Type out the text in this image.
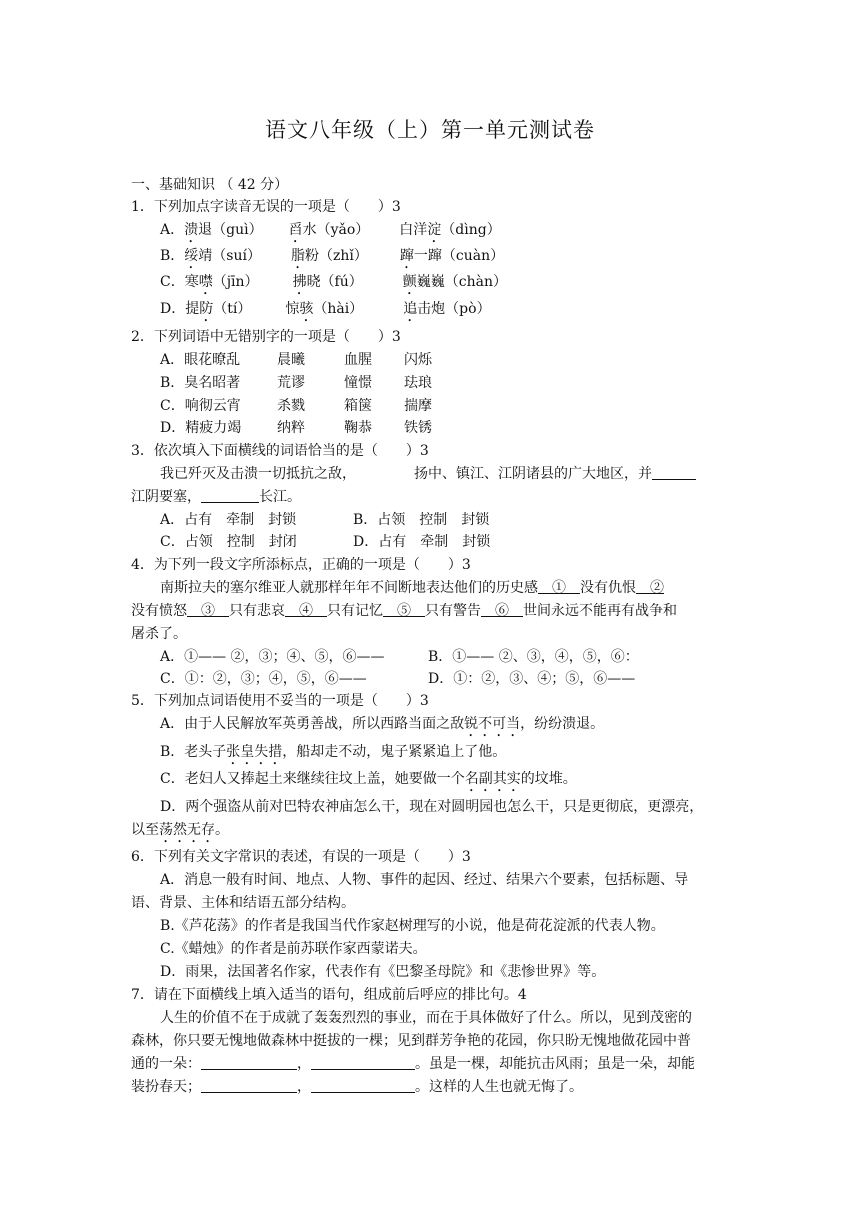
语文八年级（上）第一单元测试卷
一、基础知识 （ 42 分）
1．下列加点字读音无误的一项是（　　）3
A．溃退（guì） 舀水（yǎo） 白洋淀（dìng）
B．绥靖（suí） 脂粉（zhǐ） 蹿一蹿（cuàn）
C．寒噤（jīn） 拂晓（fú）	颤巍巍（chàn）
D．提防（tí） 惊骇（hài）	追击炮（pò）
2．下列词语中无错别字的一项是（　　）3
A．眼花暸乱	晨曦	血腥 闪烁
B．臭名昭著	荒谬	憧憬 珐琅
C．响彻云宵	杀戮	箱箧 揣摩
D．精疲力竭	纳粹	鞠恭 铁锈
3．依次填入下面横线的词语恰当的是（　　）3
我已歼灭及击溃一切抵抗之敌，	扬中、镇江、江阴诸县的广大地区，并
江阴要塞，	长江。
A．占有　牵制　封锁	B．占领　控制　封锁
C．占领　控制　封闭	D．占有　牵制　封锁
4．为下列一段文字所添标点，正确的一项是（　　）3
南斯拉夫的塞尔维亚人就那样年年不间断地表达他们的历史感  ①  没有仇恨  ②
没有愤怒  ③  只有悲哀  ④  只有记忆  ⑤  只有警告  ⑥  世间永远不能再有战争和
屠杀了。
A．①—— ②，③；④、⑤，⑥——	B．①—— ②、③，④，⑤，⑥：
C．①：②，③；④，⑤，⑥——	D．①：②，③、④；⑤，⑥——
5．下列加点词语使用不妥当的一项是（　　）3
A．由于人民解放军英勇善战，所以西路当面之敌锐不可当，纷纷溃退。
B．老头子张皇失措，船却走不动，鬼子紧紧追上了他。
C．老妇人又捧起土来继续往坟上盖，她要做一个名副其实的坟堆。
D．两个强盗从前对巴特农神庙怎么干，现在对圆明园也怎么干，只是更彻底，更漂亮，
以至荡然无存。
6．下列有关文字常识的表述，有误的一项是（　　）3
A．消息一般有时间、地点、人物、事件的起因、经过、结果六个要素，包括标题、导
语、背景、主体和结语五部分结构。
B.《芦花荡》的作者是我国当代作家赵树理写的小说，他是荷花淀派的代表人物。
C.《蜡烛》的作者是前苏联作家西蒙诺夫。
D．雨果，法国著名作家，代表作有《巴黎圣母院》和《悲惨世界》等。
7．请在下面横线上填入适当的语句，组成前后呼应的排比句。4
人生的价值不在于成就了轰轰烈烈的事业，而在于具体做好了什么。所以，见到茂密的
森林，你只要无愧地做森林中挺拔的一棵；见到群芳争艳的花园，你只盼无愧地做花园中普
通的一朵：	，	。虽是一棵，却能抗击风雨；虽是一朵，却能
装扮春天；	，	。这样的人生也就无悔了。
